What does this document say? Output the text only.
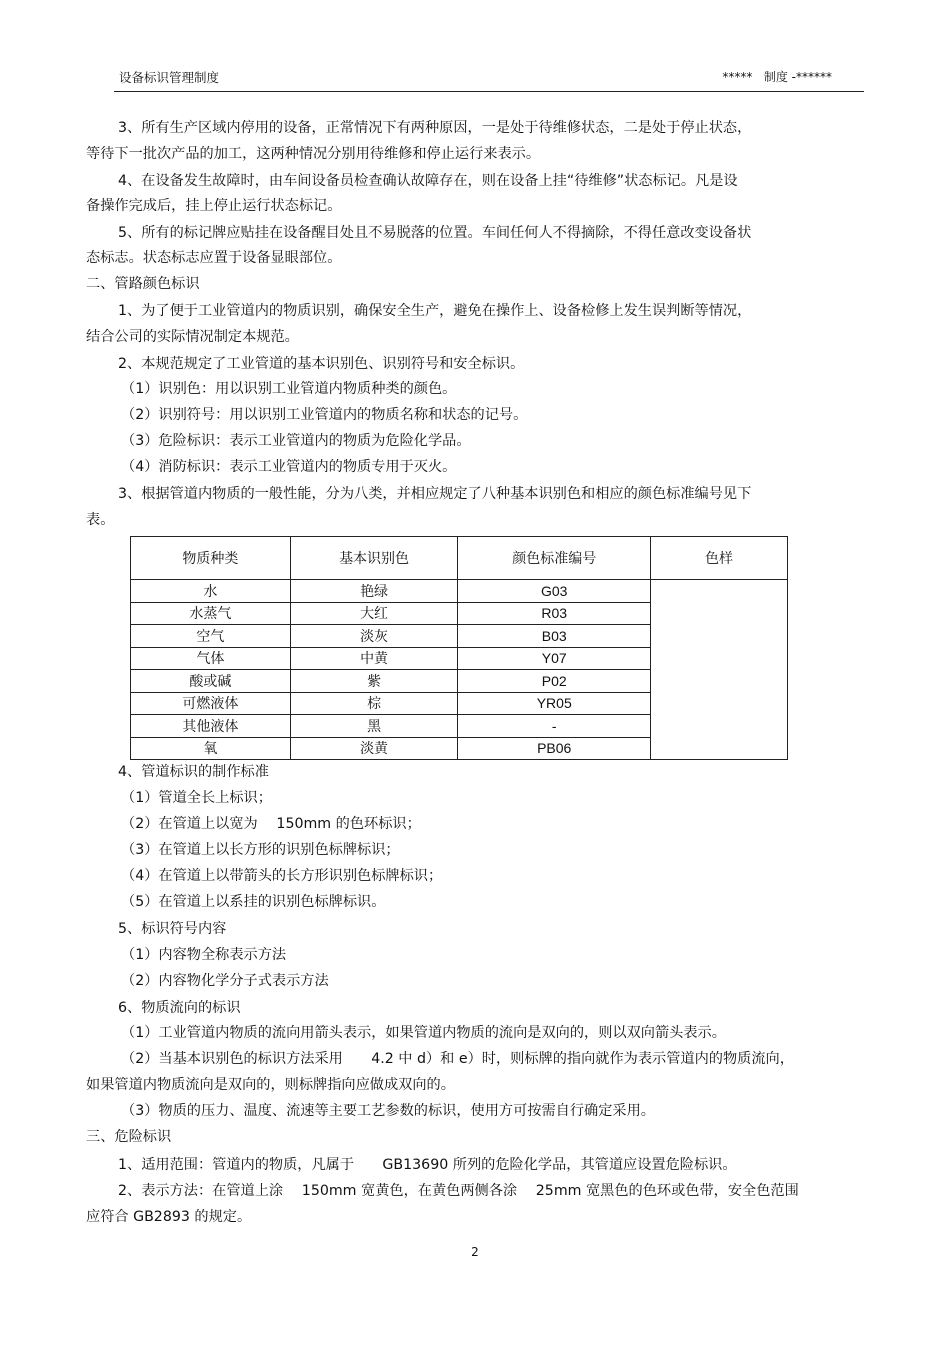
设备标识管理制度	*****   制度 -******
3、所有生产区域内停用的设备，正常情况下有两种原因，一是处于待维修状态，二是处于停止状态，
等待下一批次产品的加工，这两种情况分别用待维修和停止运行来表示。
4、在设备发生故障时，由车间设备员检查确认故障存在，则在设备上挂“待维修”状态标记。凡是设
备操作完成后，挂上停止运行状态标记。
5、所有的标记牌应贴挂在设备醒目处且不易脱落的位置。车间任何人不得摘除，不得任意改变设备状
态标志。状态标志应置于设备显眼部位。
二、管路颜色标识
1、为了便于工业管道内的物质识别，确保安全生产，避免在操作上、设备检修上发生误判断等情况，
结合公司的实际情况制定本规范。
2、本规范规定了工业管道的基本识别色、识别符号和安全标识。
（1）识别色：用以识别工业管道内物质种类的颜色。
（2）识别符号：用以识别工业管道内的物质名称和状态的记号。
（3）危险标识：表示工业管道内的物质为危险化学品。
（4）消防标识：表示工业管道内的物质专用于灭火。
3、根据管道内物质的一般性能，分为八类，并相应规定了八种基本识别色和相应的颜色标准编号见下
表。
物质种类	基本识别色	颜色标准编号	色样
水	艳绿	G03	
水蒸气	大红	R03	
空气	淡灰	B03	
气体	中黄	Y07	
酸或碱	紫	P02	
可燃液体	棕	YR05	
其他液体	黑	-	
氧	淡黄	PB06	
4、管道标识的制作标准
（1）管道全长上标识；
（2）在管道上以宽为　 150mm 的色环标识；
（3）在管道上以长方形的识别色标牌标识；
（4）在管道上以带箭头的长方形识别色标牌标识；
（5）在管道上以系挂的识别色标牌标识。
5、标识符号内容
（1）内容物全称表示方法
（2）内容物化学分子式表示方法
6、物质流向的标识
（1）工业管道内物质的流向用箭头表示，如果管道内物质的流向是双向的，则以双向箭头表示。
（2）当基本识别色的标识方法采用　　4.2 中 d）和 e）时，则标牌的指向就作为表示管道内的物质流向，
如果管道内物质流向是双向的，则标牌指向应做成双向的。
（3）物质的压力、温度、流速等主要工艺参数的标识，使用方可按需自行确定采用。
三、危险标识
1、适用范围：管道内的物质，凡属于　　GB13690 所列的危险化学品，其管道应设置危险标识。
2、表示方法：在管道上涂　 150mm 宽黄色，在黄色两侧各涂　 25mm 宽黑色的色环或色带，安全色范围
应符合 GB2893 的规定。
2
